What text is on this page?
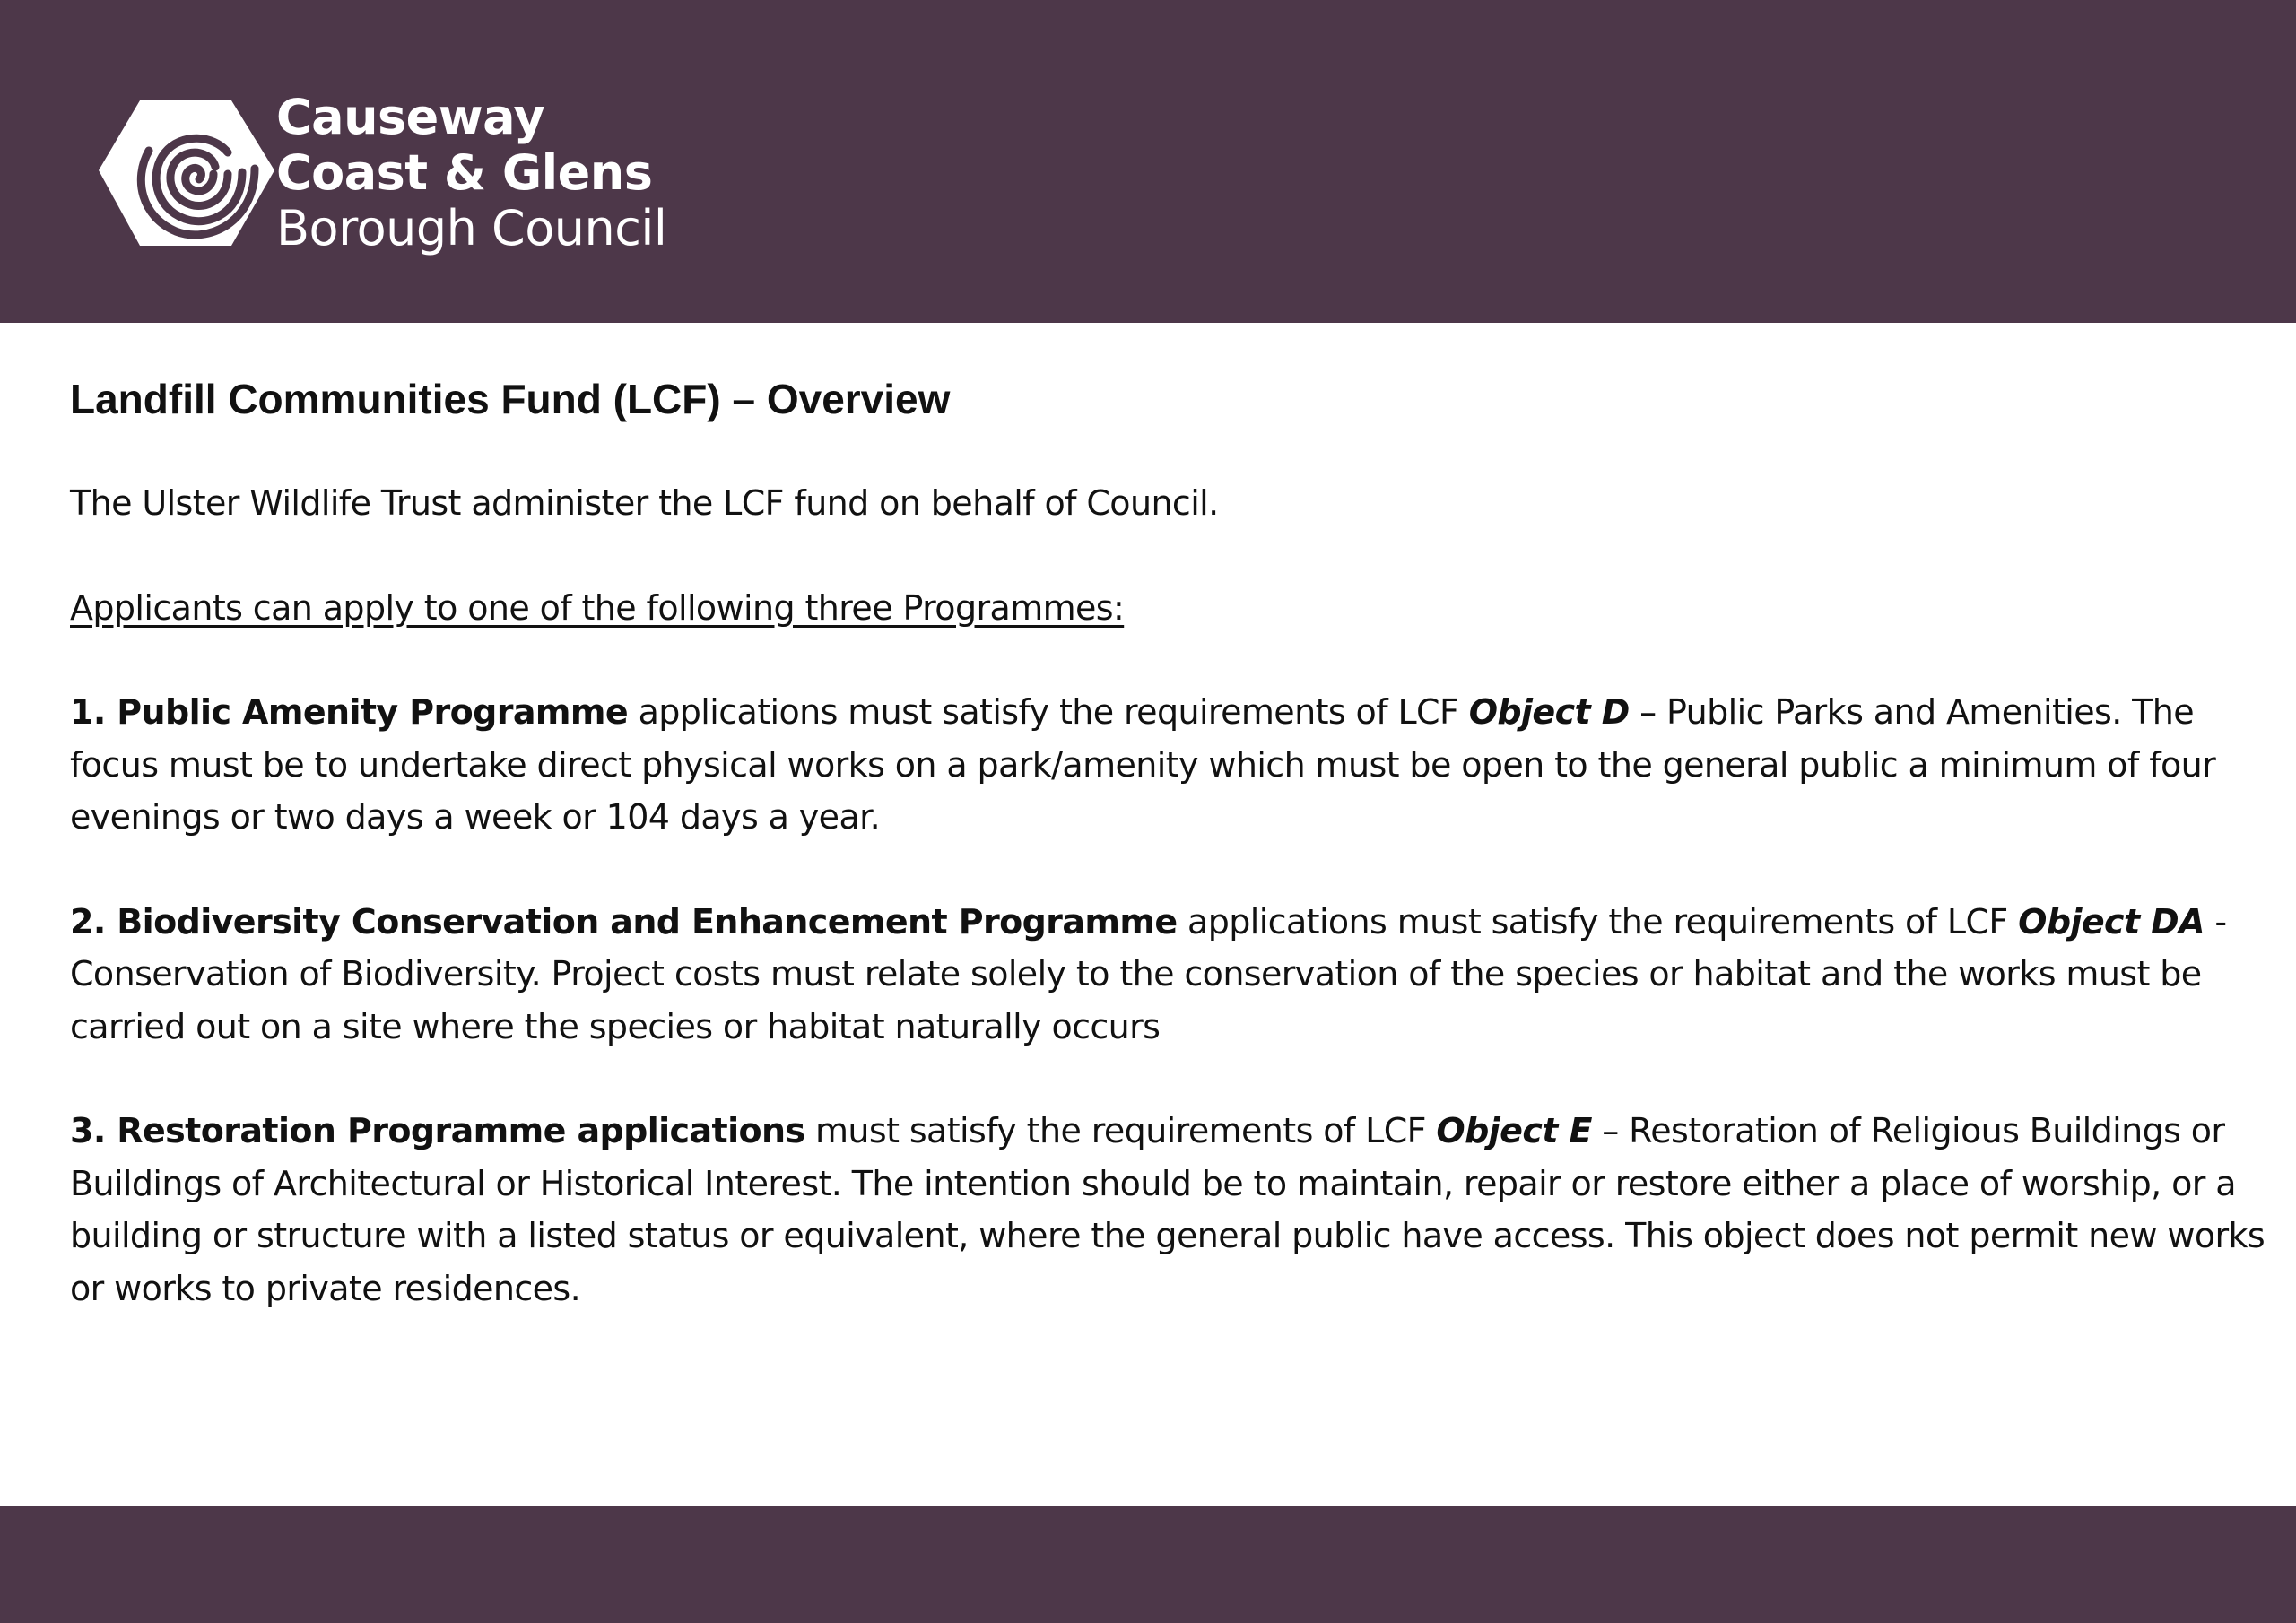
Causeway
Coast & Glens
Borough Council
Landfill Communities Fund (LCF) – Overview

The Ulster Wildlife Trust administer the LCF fund on behalf of Council.

Applicants can apply to one of the following three Programmes:

1. Public Amenity Programme applications must satisfy the requirements of LCF Object D – Public Parks and Amenities. The focus must be to undertake direct physical works on a park/amenity which must be open to the general public a minimum of four evenings or two days a week or 104 days a year.

2. Biodiversity Conservation and Enhancement Programme applications must satisfy the requirements of LCF Object DA - Conservation of Biodiversity. Project costs must relate solely to the conservation of the species or habitat and the works must be carried out on a site where the species or habitat naturally occurs

3. Restoration Programme applications must satisfy the requirements of LCF Object E – Restoration of Religious Buildings or Buildings of Architectural or Historical Interest. The intention should be to maintain, repair or restore either a place of worship, or a building or structure with a listed status or equivalent, where the general public have access. This object does not permit new works or works to private residences.
